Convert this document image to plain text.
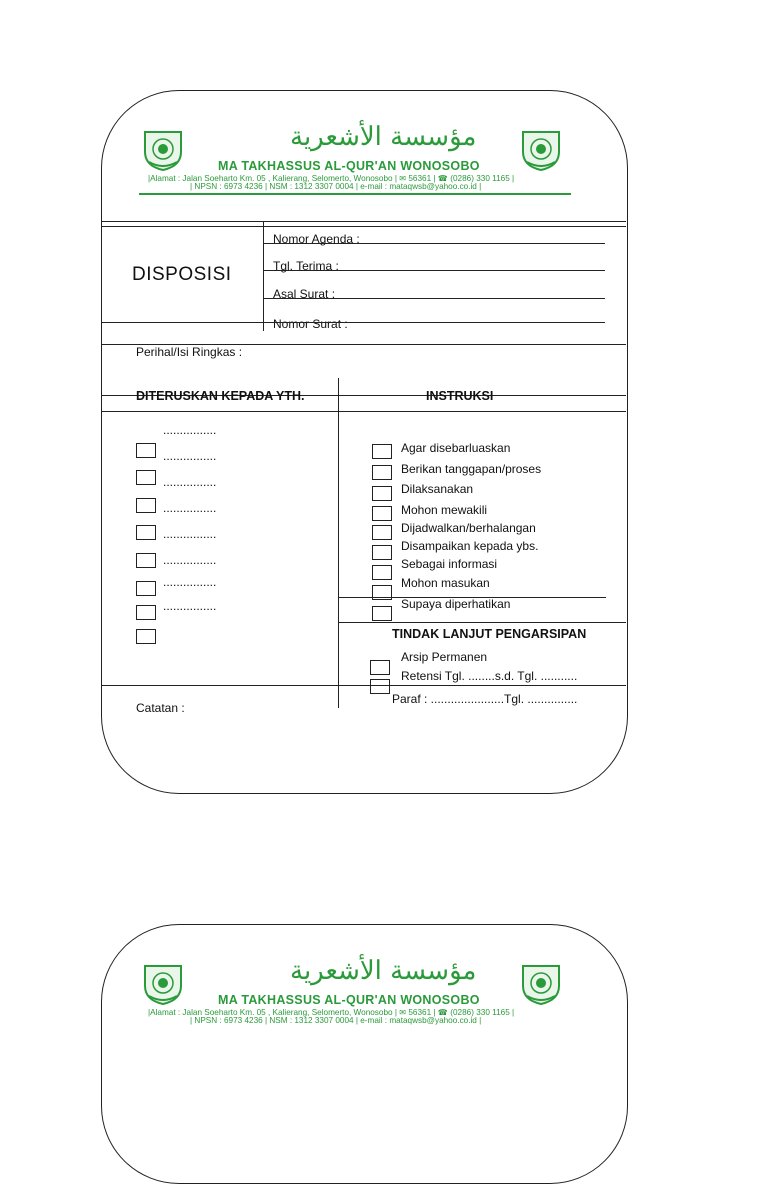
مؤسسة الأشعرية
MA TAKHASSUS AL-QUR'AN WONOSOBO
|Alamat : Jalan Soeharto Km. 05 , Kalierang, Selomerto, Wonosobo | ✉ 56361 | ☎ (0286) 330 1165 |
| NPSN : 6973 4236 | NSM : 1312 3307 0004 | e-mail : mataqwsb@yahoo.co.id |
DISPOSISI
Nomor Agenda :
Tgl. Terima :
Asal Surat :
Nomor Surat :
Perihal/Isi Ringkas :
DITERUSKAN KEPADA YTH.	INSTRUKSI
................
................
................
................
................
................
................
................
Agar disebarluaskan
Berikan tanggapan/proses
Dilaksanakan
Mohon mewakili
Dijadwalkan/berhalangan
Disampaikan kepada ybs.
Sebagai informasi
Mohon masukan
Supaya diperhatikan
TINDAK LANJUT PENGARSIPAN
Arsip Permanen
Retensi Tgl. ........s.d. Tgl. ...........
Paraf : ......................Tgl. ...............
Catatan :
مؤسسة الأشعرية
MA TAKHASSUS AL-QUR'AN WONOSOBO
|Alamat : Jalan Soeharto Km. 05 , Kalierang, Selomerto, Wonosobo | ✉ 56361 | ☎ (0286) 330 1165 |
| NPSN : 6973 4236 | NSM : 1312 3307 0004 | e-mail : mataqwsb@yahoo.co.id |
